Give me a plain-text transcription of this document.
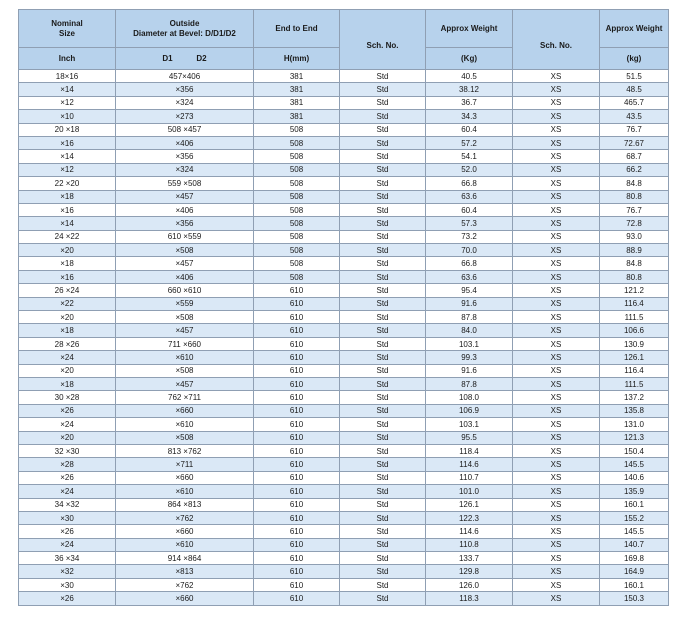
Nominal
Size	Outside
Diameter at Bevel: D/D1/D2	End to End	Sch. No.	Approx Weight	Sch. No.	Approx Weight
Inch	D1 D2	H(mm)		(Kg)		(kg)
18×16	457×406	381	Std	40.5	XS	51.5
×14	×356	381	Std	38.12	XS	48.5
×12	×324	381	Std	36.7	XS	465.7
×10	×273	381	Std	34.3	XS	43.5
20 ×18	508 ×457	508	Std	60.4	XS	76.7
×16	×406	508	Std	57.2	XS	72.67
×14	×356	508	Std	54.1	XS	68.7
×12	×324	508	Std	52.0	XS	66.2
22 ×20	559 ×508	508	Std	66.8	XS	84.8
×18	×457	508	Std	63.6	XS	80.8
×16	×406	508	Std	60.4	XS	76.7
×14	×356	508	Std	57.3	XS	72.8
24 ×22	610 ×559	508	Std	73.2	XS	93.0
×20	×508	508	Std	70.0	XS	88.9
×18	×457	508	Std	66.8	XS	84.8
×16	×406	508	Std	63.6	XS	80.8
26 ×24	660 ×610	610	Std	95.4	XS	121.2
×22	×559	610	Std	91.6	XS	116.4
×20	×508	610	Std	87.8	XS	111.5
×18	×457	610	Std	84.0	XS	106.6
28 ×26	711 ×660	610	Std	103.1	XS	130.9
×24	×610	610	Std	99.3	XS	126.1
×20	×508	610	Std	91.6	XS	116.4
×18	×457	610	Std	87.8	XS	111.5
30 ×28	762 ×711	610	Std	108.0	XS	137.2
×26	×660	610	Std	106.9	XS	135.8
×24	×610	610	Std	103.1	XS	131.0
×20	×508	610	Std	95.5	XS	121.3
32 ×30	813 ×762	610	Std	118.4	XS	150.4
×28	×711	610	Std	114.6	XS	145.5
×26	×660	610	Std	110.7	XS	140.6
×24	×610	610	Std	101.0	XS	135.9
34 ×32	864 ×813	610	Std	126.1	XS	160.1
×30	×762	610	Std	122.3	XS	155.2
×26	×660	610	Std	114.6	XS	145.5
×24	×610	610	Std	110.8	XS	140.7
36 ×34	914 ×864	610	Std	133.7	XS	169.8
×32	×813	610	Std	129.8	XS	164.9
×30	×762	610	Std	126.0	XS	160.1
×26	×660	610	Std	118.3	XS	150.3
